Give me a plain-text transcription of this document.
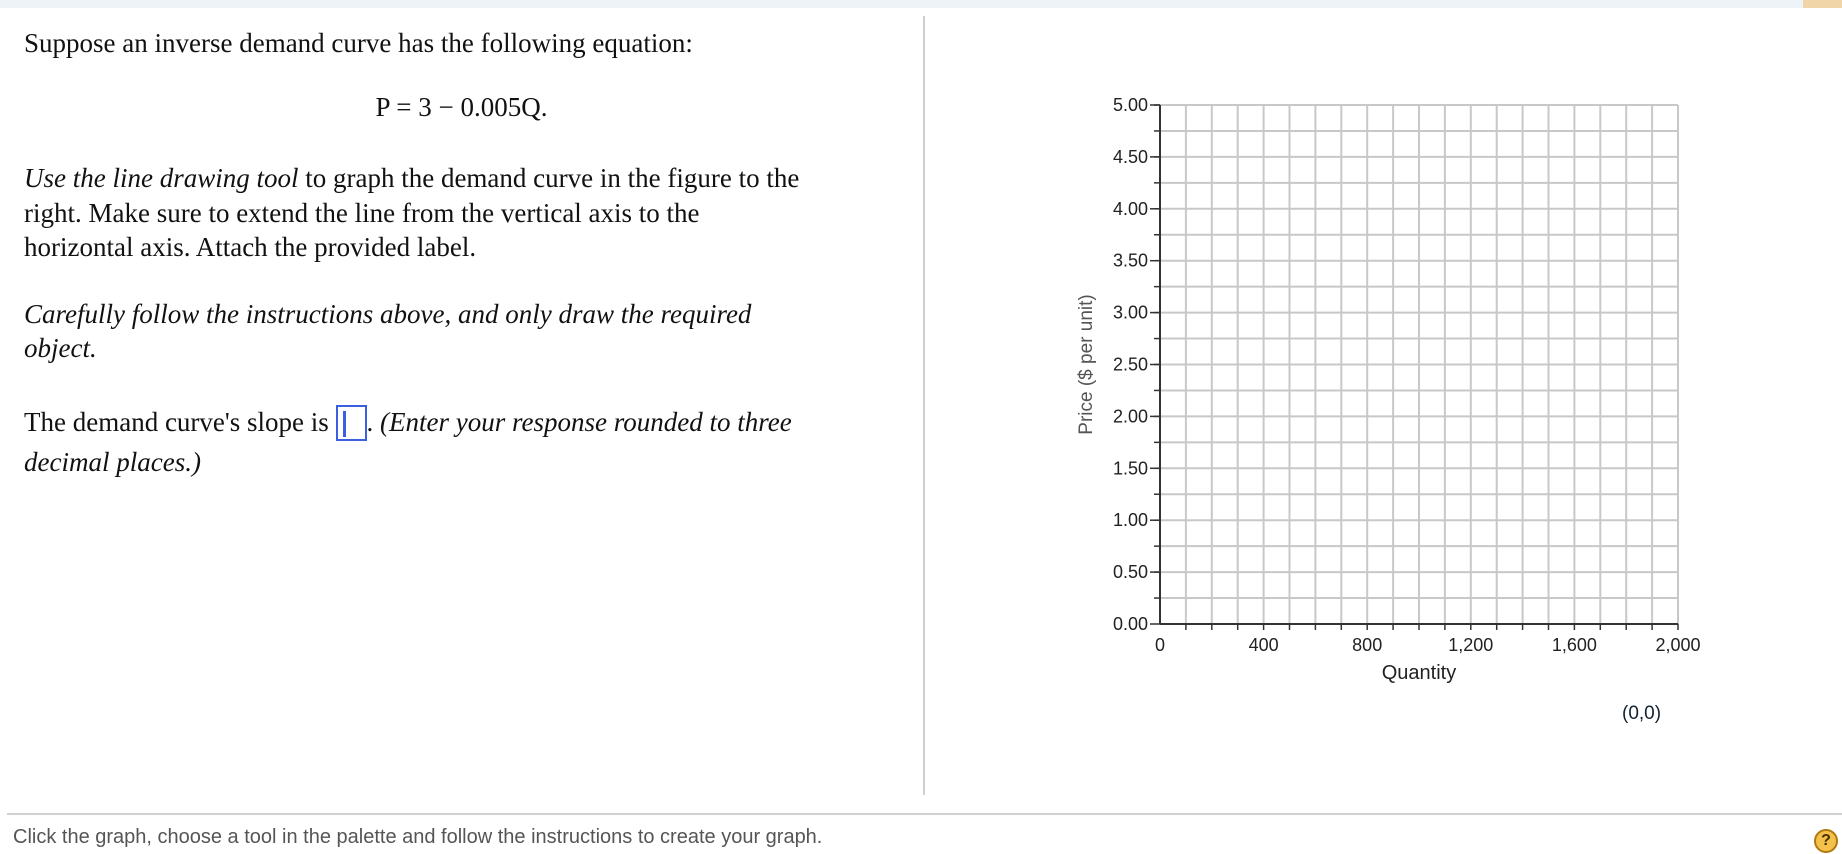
Suppose an inverse demand curve has the following equation:
P = 3 − 0.005Q.
Use the line drawing tool to graph the demand curve in the figure to the
right. Make sure to extend the line from the vertical axis to the
horizontal axis. Attach the provided label.
Carefully follow the instructions above, and only draw the required
object.
The demand curve's slope is
. (Enter your response rounded to three
decimal places.)
0.00
0.50
1.00
1.50
2.00
2.50
3.00
3.50
4.00
4.50
5.00
0	400	800	1,200	1,600	2,000
Quantity
Price ($ per unit)
(0,0)
Click the graph, choose a tool in the palette and follow the instructions to create your graph.	?
